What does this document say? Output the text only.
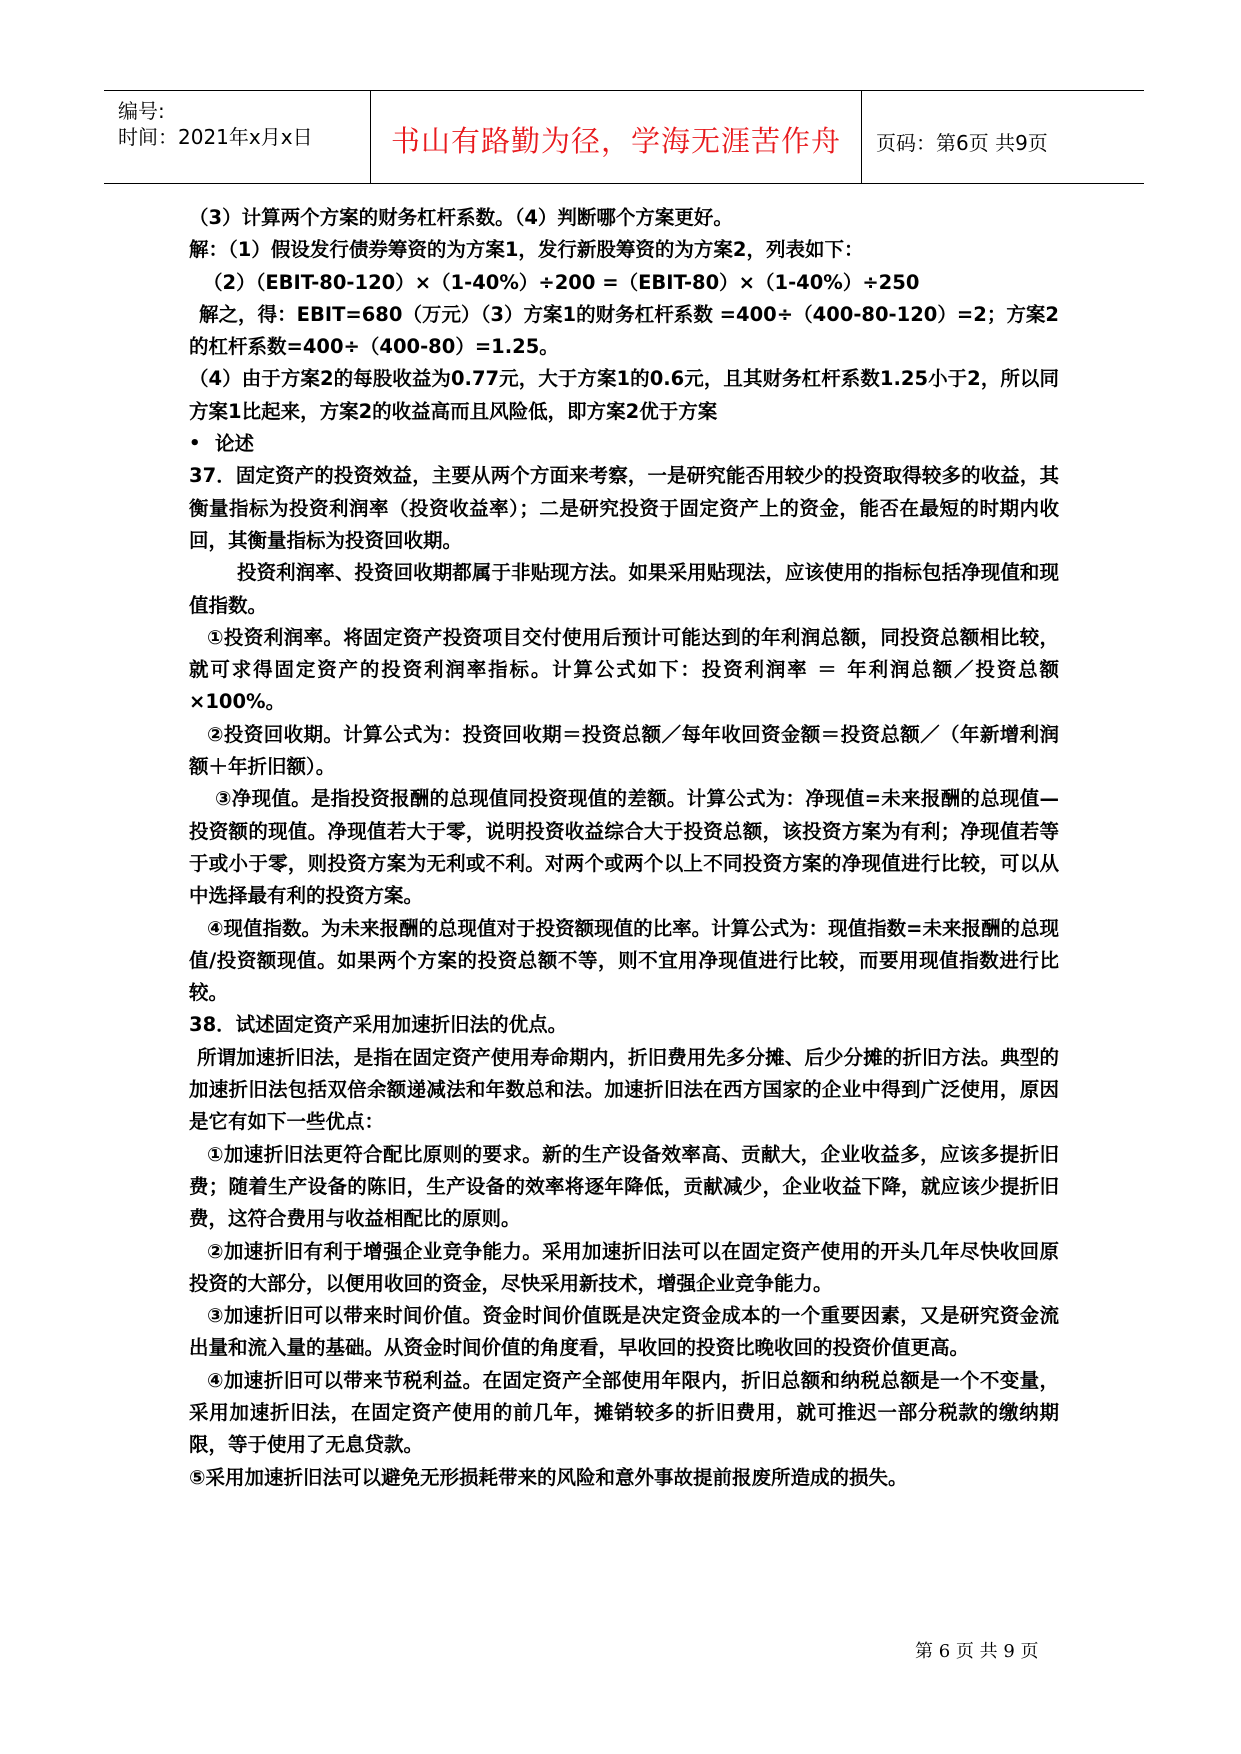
编号:
时间：2021年x月x日	书山有路勤为径，学海无涯苦作舟	页码：第6页 共9页

（3）计算两个方案的财务杠杆系数。（4）判断哪个方案更好。

解：（1）假设发行债券筹资的为方案1，发行新股筹资的为方案2，列表如下：

（2）（EBIT-80-120）×（1-40%）÷200 =（EBIT-80）×（1-40%）÷250

解之，得：EBIT=680（万元）（3）方案1的财务杠杆系数 =400÷（400-80-120）=2；方案2的杠杆系数=400÷（400-80）=1.25。

（4）由于方案2的每股收益为0.77元，大于方案1的0.6元，且其财务杠杆系数1.25小于2，所以同方案1比起来，方案2的收益高而且风险低，即方案2优于方案

• 论述

37．固定资产的投资效益，主要从两个方面来考察，一是研究能否用较少的投资取得较多的收益，其衡量指标为投资利润率（投资收益率）；二是研究投资于固定资产上的资金，能否在最短的时期内收回，其衡量指标为投资回收期。

投资利润率、投资回收期都属于非贴现方法。如果采用贴现法，应该使用的指标包括净现值和现值指数。

①投资利润率。将固定资产投资项目交付使用后预计可能达到的年利润总额，同投资总额相比较，就可求得固定资产的投资利润率指标。计算公式如下：投资利润率 ＝ 年利润总额／投资总额×100%。

②投资回收期。计算公式为：投资回收期＝投资总额／每年收回资金额＝投资总额／（年新增利润额＋年折旧额）。

③净现值。是指投资报酬的总现值同投资现值的差额。计算公式为：净现值=未来报酬的总现值— 投资额的现值。净现值若大于零，说明投资收益综合大于投资总额，该投资方案为有利；净现值若等于或小于零，则投资方案为无利或不利。对两个或两个以上不同投资方案的净现值进行比较，可以从中选择最有利的投资方案。

④现值指数。为未来报酬的总现值对于投资额现值的比率。计算公式为：现值指数=未来报酬的总现值/投资额现值。如果两个方案的投资总额不等，则不宜用净现值进行比较，而要用现值指数进行比较。

38．试述固定资产采用加速折旧法的优点。

所谓加速折旧法，是指在固定资产使用寿命期内，折旧费用先多分摊、后少分摊的折旧方法。典型的加速折旧法包括双倍余额递减法和年数总和法。加速折旧法在西方国家的企业中得到广泛使用，原因是它有如下一些优点：

①加速折旧法更符合配比原则的要求。新的生产设备效率高、贡献大，企业收益多，应该多提折旧费；随着生产设备的陈旧，生产设备的效率将逐年降低，贡献减少，企业收益下降，就应该少提折旧费，这符合费用与收益相配比的原则。

②加速折旧有利于增强企业竞争能力。采用加速折旧法可以在固定资产使用的开头几年尽快收回原投资的大部分，以便用收回的资金，尽快采用新技术，增强企业竞争能力。

③加速折旧可以带来时间价值。资金时间价值既是决定资金成本的一个重要因素，又是研究资金流出量和流入量的基础。从资金时间价值的角度看，早收回的投资比晚收回的投资价值更高。

④加速折旧可以带来节税利益。在固定资产全部使用年限内，折旧总额和纳税总额是一个不变量，采用加速折旧法，在固定资产使用的前几年，摊销较多的折旧费用，就可推迟一部分税款的缴纳期限，等于使用了无息贷款。

⑤采用加速折旧法可以避免无形损耗带来的风险和意外事故提前报废所造成的损失。

第 6 页 共 9 页
